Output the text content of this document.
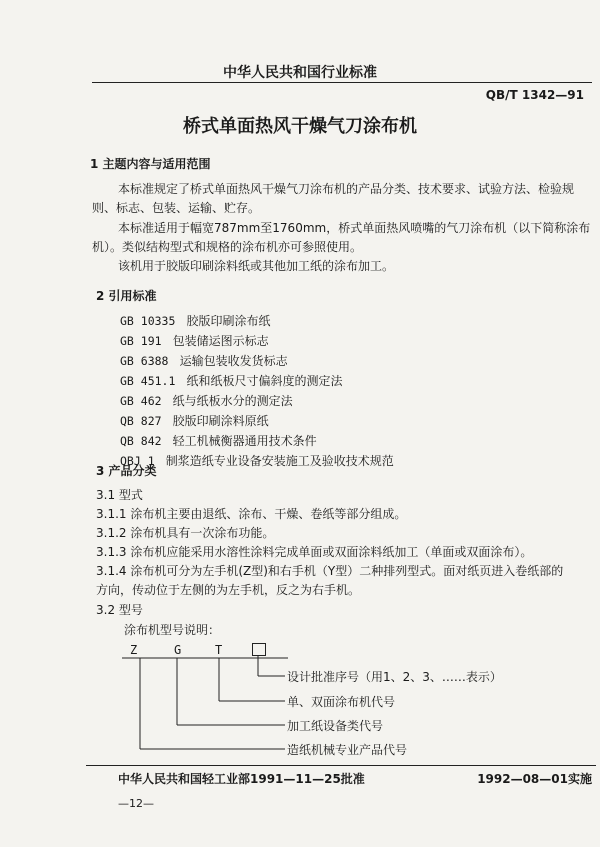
中华人民共和国行业标准
QB/T 1342—91
桥式单面热风干燥气刀涂布机
1 主题内容与适用范围
本标准规定了桥式单面热风干燥气刀涂布机的产品分类、技术要求、试验方法、检验规
则、标志、包装、运输、贮存。
本标准适用于幅宽787mm至1760mm，桥式单面热风喷嘴的气刀涂布机（以下简称涂布
机）。类似结构型式和规格的涂布机亦可参照使用。
该机用于胶版印刷涂料纸或其他加工纸的涂布加工。
2 引用标准
GB 10335 胶版印刷涂布纸
GB 191 包装储运图示标志
GB 6388 运输包装收发货标志
GB 451.1 纸和纸板尺寸偏斜度的测定法
GB 462 纸与纸板水分的测定法
QB 827 胶版印刷涂料原纸
QB 842 轻工机械衡器通用技术条件
QBJ 1 制浆造纸专业设备安装施工及验收技术规范
3 产品分类
3.1 型式
3.1.1 涂布机主要由退纸、涂布、干燥、卷纸等部分组成。
3.1.2 涂布机具有一次涂布功能。
3.1.3 涂布机应能采用水溶性涂料完成单面或双面涂料纸加工（单面或双面涂布）。
3.1.4 涂布机可分为左手机(Z型)和右手机（Y型）二种排列型式。面对纸页进入卷纸部的
方向，传动位于左侧的为左手机，反之为右手机。
3.2 型号
涂布机型号说明：
Z	G	T
设计批准序号（用1、2、3、……表示）
单、双面涂布机代号
加工纸设备类代号
造纸机械专业产品代号
中华人民共和国轻工业部1991—11—25批准	1992—08—01实施
—12—
